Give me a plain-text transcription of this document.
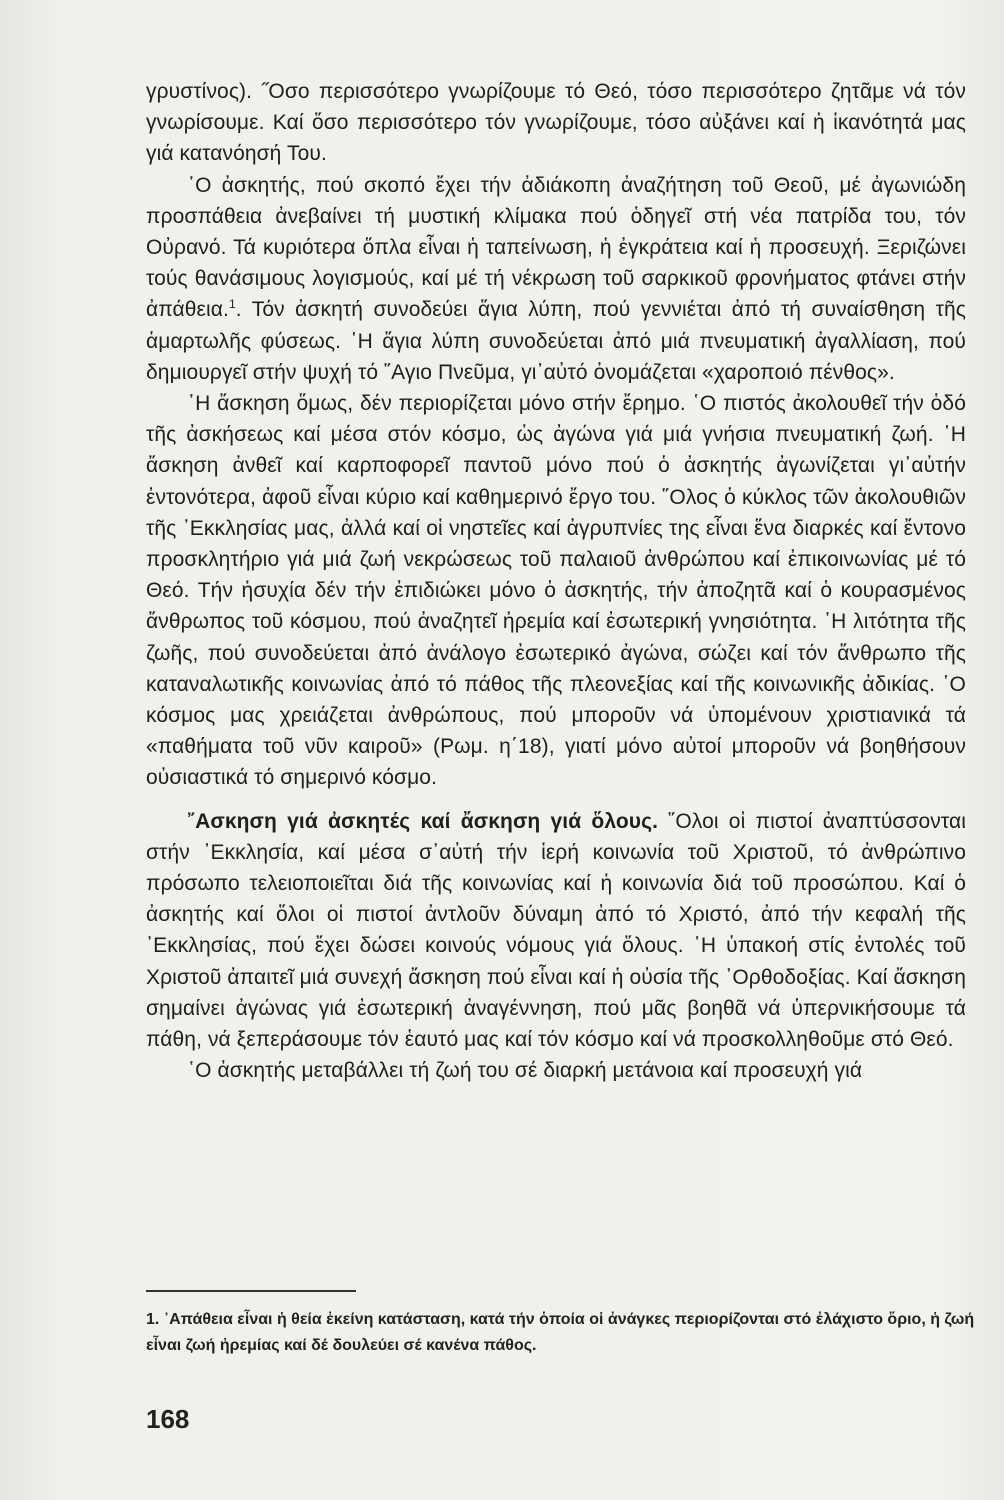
γρυστίνος). ˝Οσο περισσότερο γνωρίζουμε τό Θεό, τόσο περισσότερο ζητᾶμε νά τόν γνωρίσουμε. Καί ὅσο περισσότερο τόν γνωρίζουμε, τόσο αὐξάνει καί ἡ ἱκανότητά μας γιά κατανόησή Του.

῾Ο ἀσκητής, πού σκοπό ἔχει τήν ἀδιάκοπη ἀναζήτηση τοῦ Θεοῦ, μέ ἀγωνιώδη προσπάθεια ἀνεβαίνει τή μυστική κλίμακα πού ὁδηγεῖ στή νέα πατρίδα του, τόν Οὐρανό. Τά κυριότερα ὅπλα εἶναι ἡ ταπείνωση, ἡ ἐγκράτεια καί ἡ προσευχή. Ξεριζώνει τούς θανάσιμους λογισμούς, καί μέ τή νέκρωση τοῦ σαρκικοῦ φρονήματος φτάνει στήν ἀπάθεια.$^1$. Τόν ἀσκητή συνοδεύει ἅγια λύπη, πού γεννιέται ἀπό τή συναίσθηση τῆς ἁμαρτωλῆς φύσεως. ῾Η ἅγια λύπη συνοδεύεται ἀπό μιά πνευματική ἀγαλλίαση, πού δημιουργεῖ στήν ψυχή τό ῞Αγιο Πνεῦμα, γι᾿αὐτό ὀνομάζεται «χαροποιό πένθος».

῾Η ἄσκηση ὅμως, δέν περιορίζεται μόνο στήν ἔρημο. ῾Ο πιστός ἀκολουθεῖ τήν ὁδό τῆς ἀσκήσεως καί μέσα στόν κόσμο, ὡς ἀγώνα γιά μιά γνήσια πνευματική ζωή. ῾Η ἄσκηση ἀνθεῖ καί καρποφορεῖ παντοῦ μόνο πού ὁ ἀσκητής ἀγωνίζεται γι᾿αὐτήν ἐντονότερα, ἀφοῦ εἶναι κύριο καί καθημερινό ἔργο του. ῞Ολος ὁ κύκλος τῶν ἀκολουθιῶν τῆς ᾿Εκκλησίας μας, ἀλλά καί οἱ νηστεῖες καί ἀγρυπνίες της εἶναι ἕνα διαρκές καί ἔντονο προσκλητήριο γιά μιά ζωή νεκρώσεως τοῦ παλαιοῦ ἀνθρώπου καί ἐπικοινωνίας μέ τό Θεό. Τήν ἡσυχία δέν τήν ἐπιδιώκει μόνο ὁ ἀσκητής, τήν ἀποζητᾶ καί ὁ κουρασμένος ἄνθρωπος τοῦ κόσμου, πού ἀναζητεῖ ἠρεμία καί ἐσωτερική γνησιότητα. ῾Η λιτότητα τῆς ζωῆς, πού συνοδεύεται ἀπό ἀνάλογο ἐσωτερικό ἀγώνα, σώζει καί τόν ἄνθρωπο τῆς καταναλωτικῆς κοινωνίας ἀπό τό πάθος τῆς πλεονεξίας καί τῆς κοινωνικῆς ἀδικίας. ῾Ο κόσμος μας χρειάζεται ἀνθρώπους, πού μποροῦν νά ὑπομένουν χριστιανικά τά «παθήματα τοῦ νῦν καιροῦ» (Ρωμ. η΄18), γιατί μόνο αὐτοί μποροῦν νά βοηθήσουν οὐσιαστικά τό σημερινό κόσμο.

῎Ασκηση γιά ἀσκητές καί ἄσκηση γιά ὅλους. ῞Ολοι οἱ πιστοί ἀναπτύσσονται στήν ᾿Εκκλησία, καί μέσα σ᾿αὐτή τήν ἱερή κοινωνία τοῦ Χριστοῦ, τό ἀνθρώπινο πρόσωπο τελειοποιεῖται διά τῆς κοινωνίας καί ἡ κοινωνία διά τοῦ προσώπου. Καί ὁ ἀσκητής καί ὅλοι οἱ πιστοί ἀντλοῦν δύναμη ἀπό τό Χριστό, ἀπό τήν κεφαλή τῆς ᾿Εκκλησίας, πού ἔχει δώσει κοινούς νόμους γιά ὅλους. ῾Η ὑπακοή στίς ἐντολές τοῦ Χριστοῦ ἀπαιτεῖ μιά συνεχή ἄσκηση πού εἶναι καί ἡ οὐσία τῆς ᾿Ορθοδοξίας. Καί ἄσκηση σημαίνει ἀγώνας γιά ἐσωτερική ἀναγέννηση, πού μᾶς βοηθᾶ νά ὑπερνικήσουμε τά πάθη, νά ξεπεράσουμε τόν ἑαυτό μας καί τόν κόσμο καί νά προσκολληθοῦμε στό Θεό.

῾Ο ἀσκητής μεταβάλλει τή ζωή του σέ διαρκή μετάνοια καί προσευχή γιά

1. ᾿Απάθεια εἶναι ἡ θεία ἐκείνη κατάσταση, κατά τήν ὁποία οἱ ἀνάγκες περιορίζονται στό ἐλάχιστο ὅριο, ἡ ζωή εἶναι ζωή ἠρεμίας καί δέ δουλεύει σέ κανένα πάθος.
168
